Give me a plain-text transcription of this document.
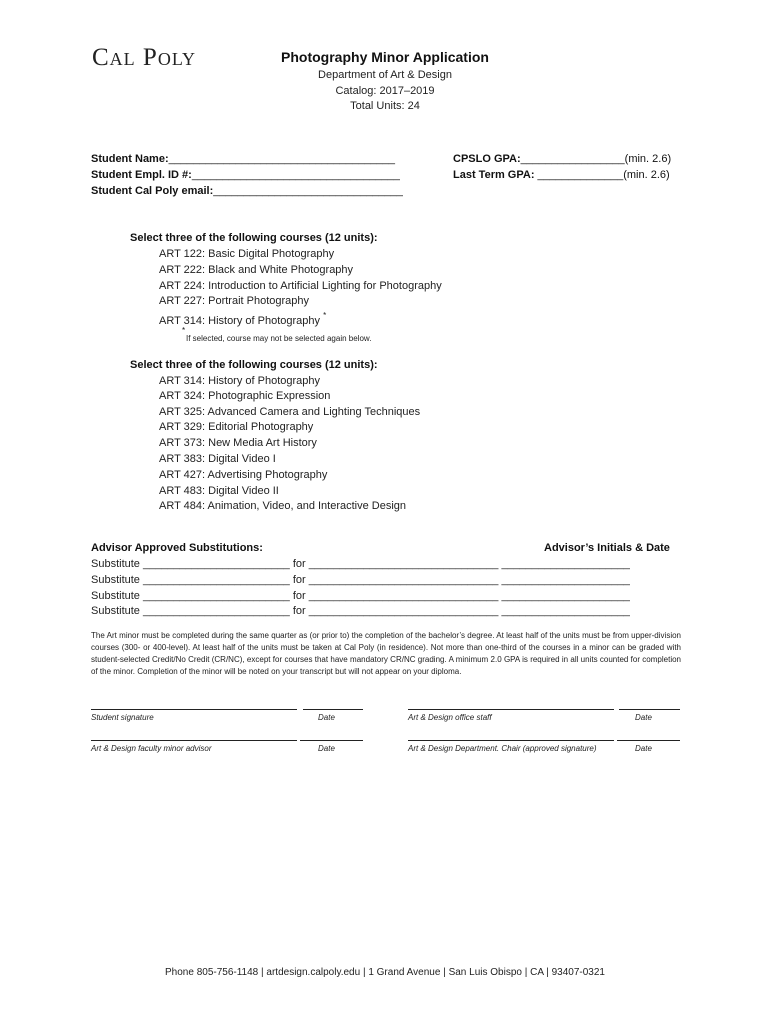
Cal Poly	Photography Minor Application
Department of Art & Design
Catalog: 2017–2019
Total Units: 24
Student Name:_____________________________________
Student Empl. ID #:__________________________________
Student Cal Poly email:_______________________________
CPSLO GPA:_________________(min. 2.6)
Last Term GPA: ______________(min. 2.6)
Select three of the following courses (12 units):
ART 122: Basic Digital Photography
ART 222: Black and White Photography
ART 224: Introduction to Artificial Lighting for Photography
ART 227: Portrait Photography
ART 314: History of Photography *
*
If selected, course may not be selected again below.
Select three of the following courses (12 units):
ART 314: History of Photography
ART 324: Photographic Expression
ART 325: Advanced Camera and Lighting Techniques
ART 329: Editorial Photography
ART 373: New Media Art History
ART 383: Digital Video I
ART 427: Advertising Photography
ART 483: Digital Video II
ART 484: Animation, Video, and Interactive Design
Advisor Approved Substitutions:	Advisor’s Initials & Date
Substitute ________________________ for _______________________________ _____________________
Substitute ________________________ for _______________________________ _____________________
Substitute ________________________ for _______________________________ _____________________
Substitute ________________________ for _______________________________ _____________________
The Art minor must be completed during the same quarter as (or prior to) the completion of the bachelor’s degree. At least half of the units must be from upper-division courses (300- or 400-level). At least half of the units must be taken at Cal Poly (in residence). Not more than one-third of the courses in a minor can be graded with student-selected Credit/No Credit (CR/NC), except for courses that have mandatory CR/NC grading. A minimum 2.0 GPA is required in all units counted for completion of the minor. Completion of the minor will be noted on your transcript but will not appear on your diploma.
Student signature	Date	Art & Design office staff	Date
Art & Design faculty minor advisor	Date	Art & Design Department. Chair (approved signature)	Date
Phone 805-756-1148 | artdesign.calpoly.edu | 1 Grand Avenue | San Luis Obispo | CA | 93407-0321
